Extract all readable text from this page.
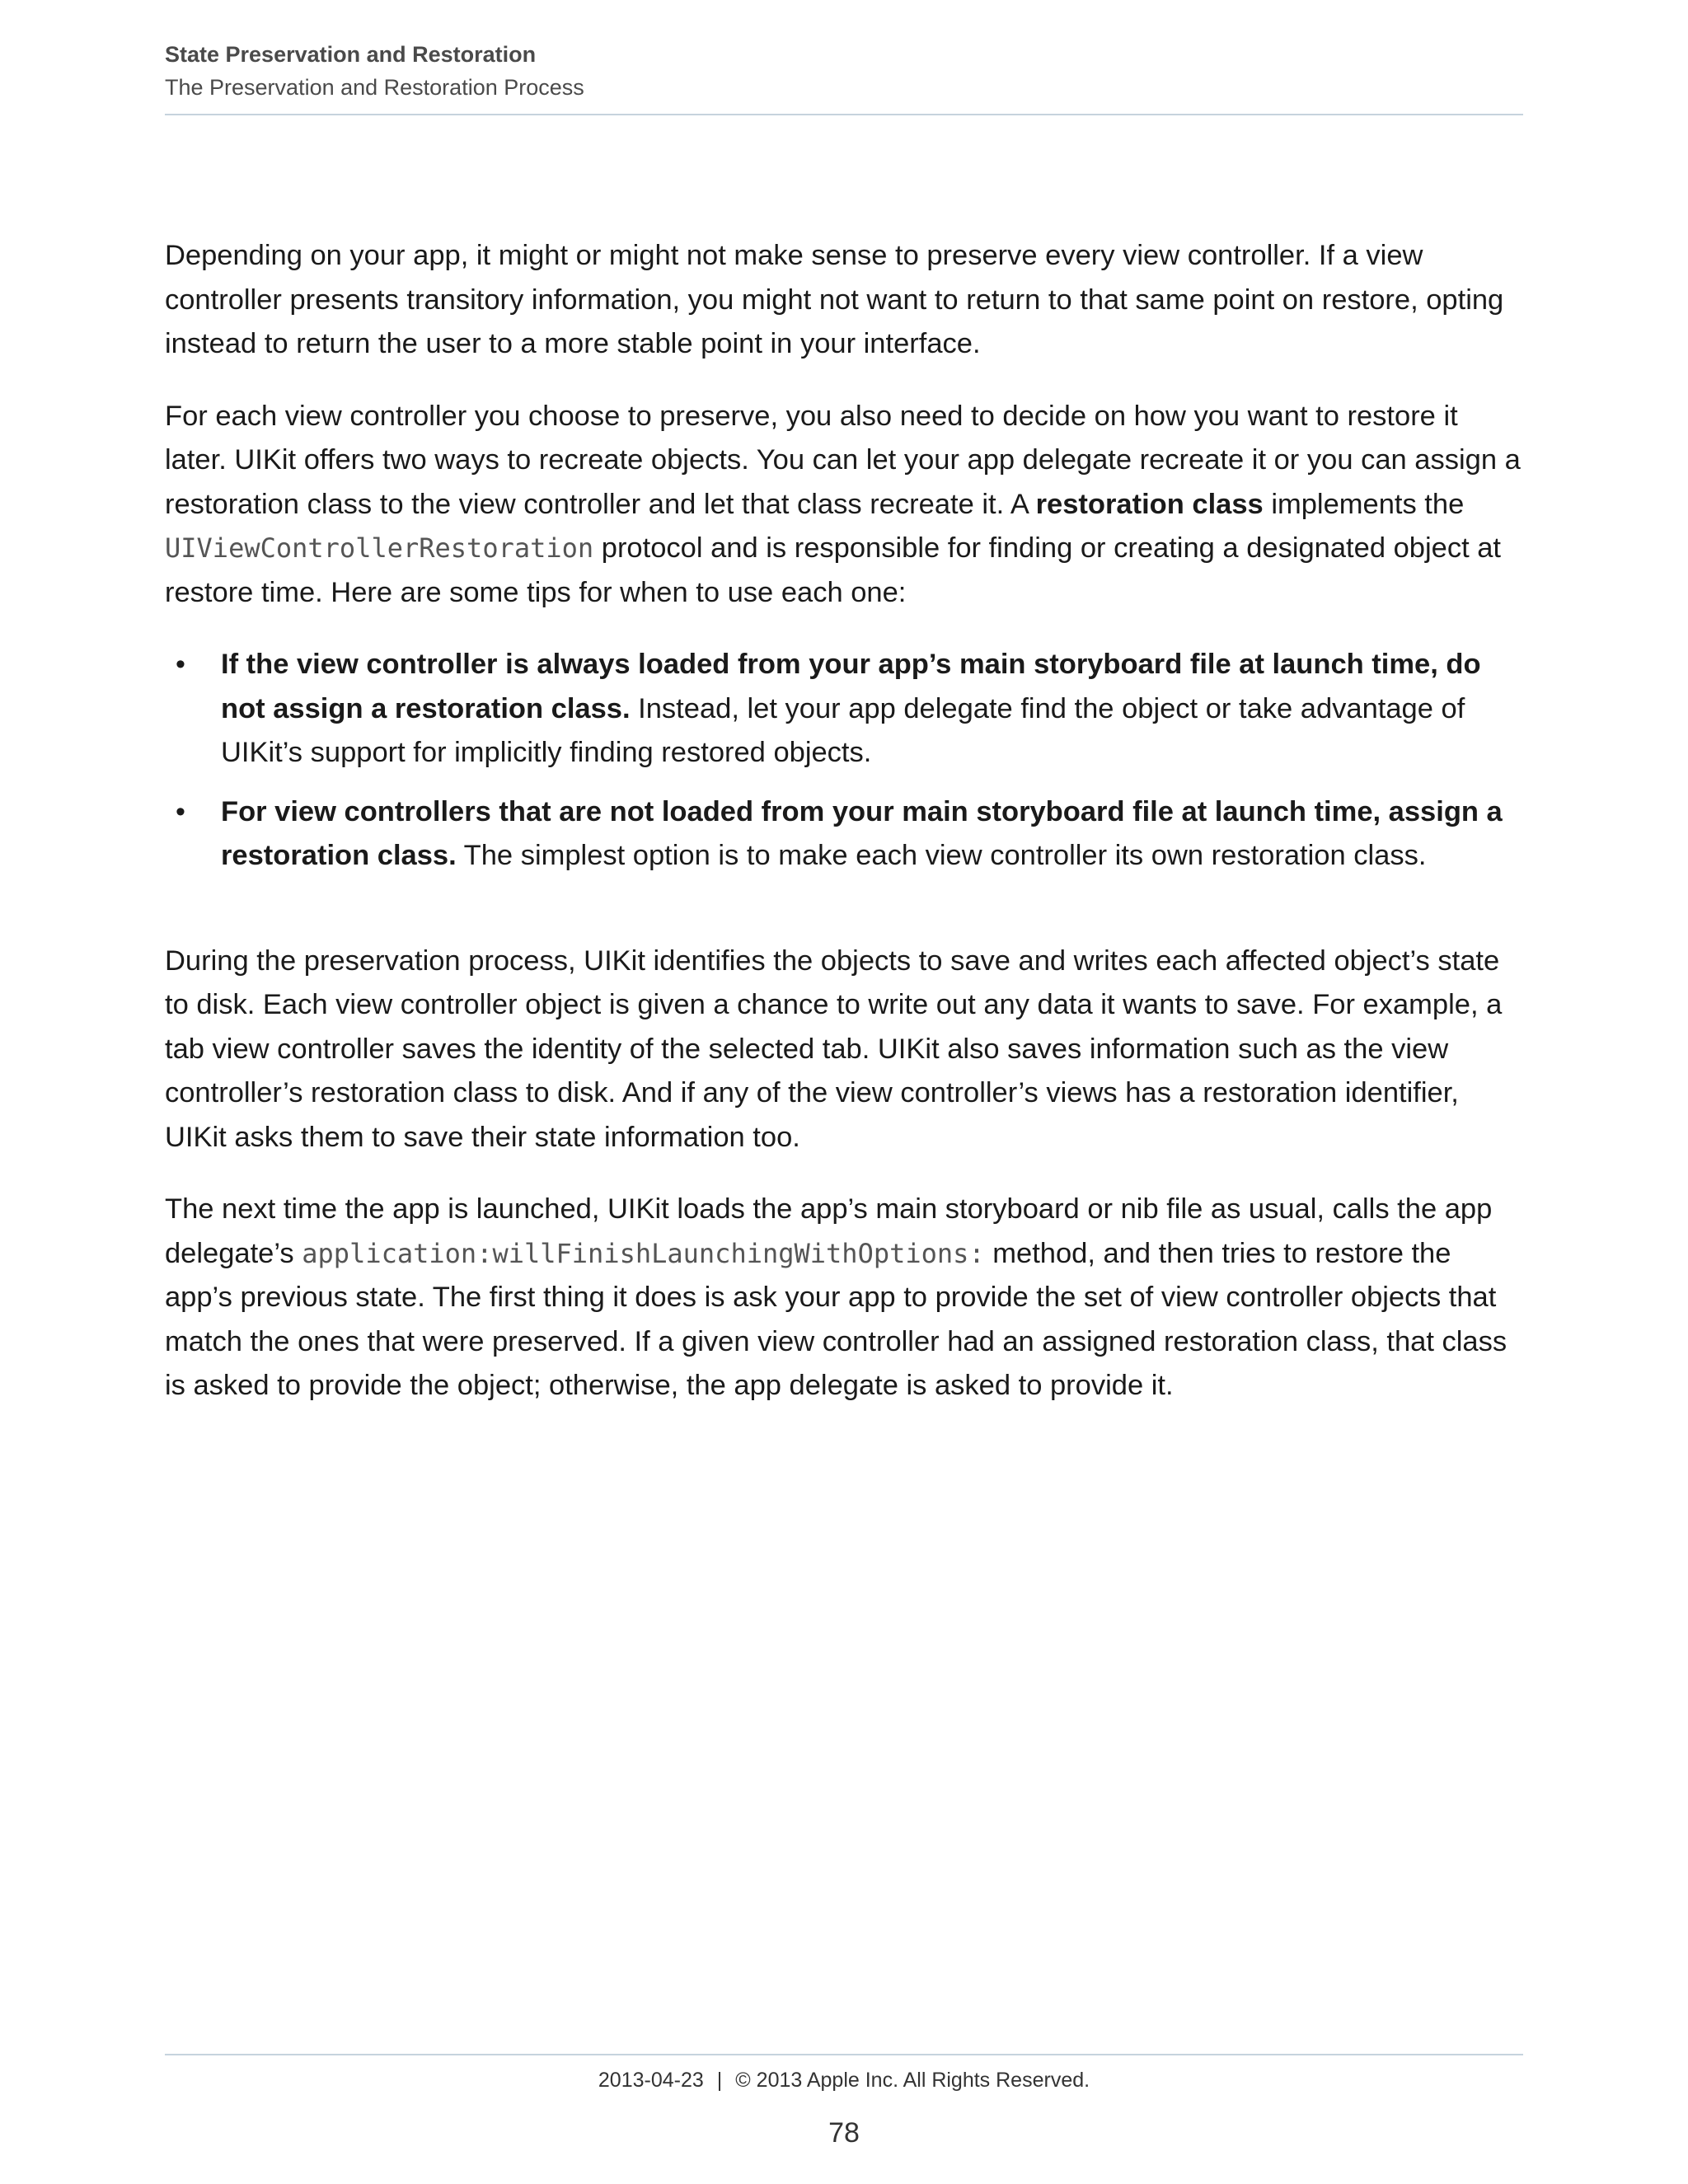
State Preservation and Restoration
The Preservation and Restoration Process

Depending on your app, it might or might not make sense to preserve every view controller. If a view controller presents transitory information, you might not want to return to that same point on restore, opting instead to return the user to a more stable point in your interface.

For each view controller you choose to preserve, you also need to decide on how you want to restore it later. UIKit offers two ways to recreate objects. You can let your app delegate recreate it or you can assign a restoration class to the view controller and let that class recreate it. A restoration class implements the UIViewControllerRestoration protocol and is responsible for finding or creating a designated object at restore time. Here are some tips for when to use each one:

• If the view controller is always loaded from your app’s main storyboard file at launch time, do not assign a restoration class. Instead, let your app delegate find the object or take advantage of UIKit’s support for implicitly finding restored objects.
• For view controllers that are not loaded from your main storyboard file at launch time, assign a restoration class. The simplest option is to make each view controller its own restoration class.

During the preservation process, UIKit identifies the objects to save and writes each affected object’s state to disk. Each view controller object is given a chance to write out any data it wants to save. For example, a tab view controller saves the identity of the selected tab. UIKit also saves information such as the view controller’s restoration class to disk. And if any of the view controller’s views has a restoration identifier, UIKit asks them to save their state information too.

The next time the app is launched, UIKit loads the app’s main storyboard or nib file as usual, calls the app delegate’s application:willFinishLaunchingWithOptions: method, and then tries to restore the app’s previous state. The first thing it does is ask your app to provide the set of view controller objects that match the ones that were preserved. If a given view controller had an assigned restoration class, that class is asked to provide the object; otherwise, the app delegate is asked to provide it.

2013-04-23 | © 2013 Apple Inc. All Rights Reserved.
78
